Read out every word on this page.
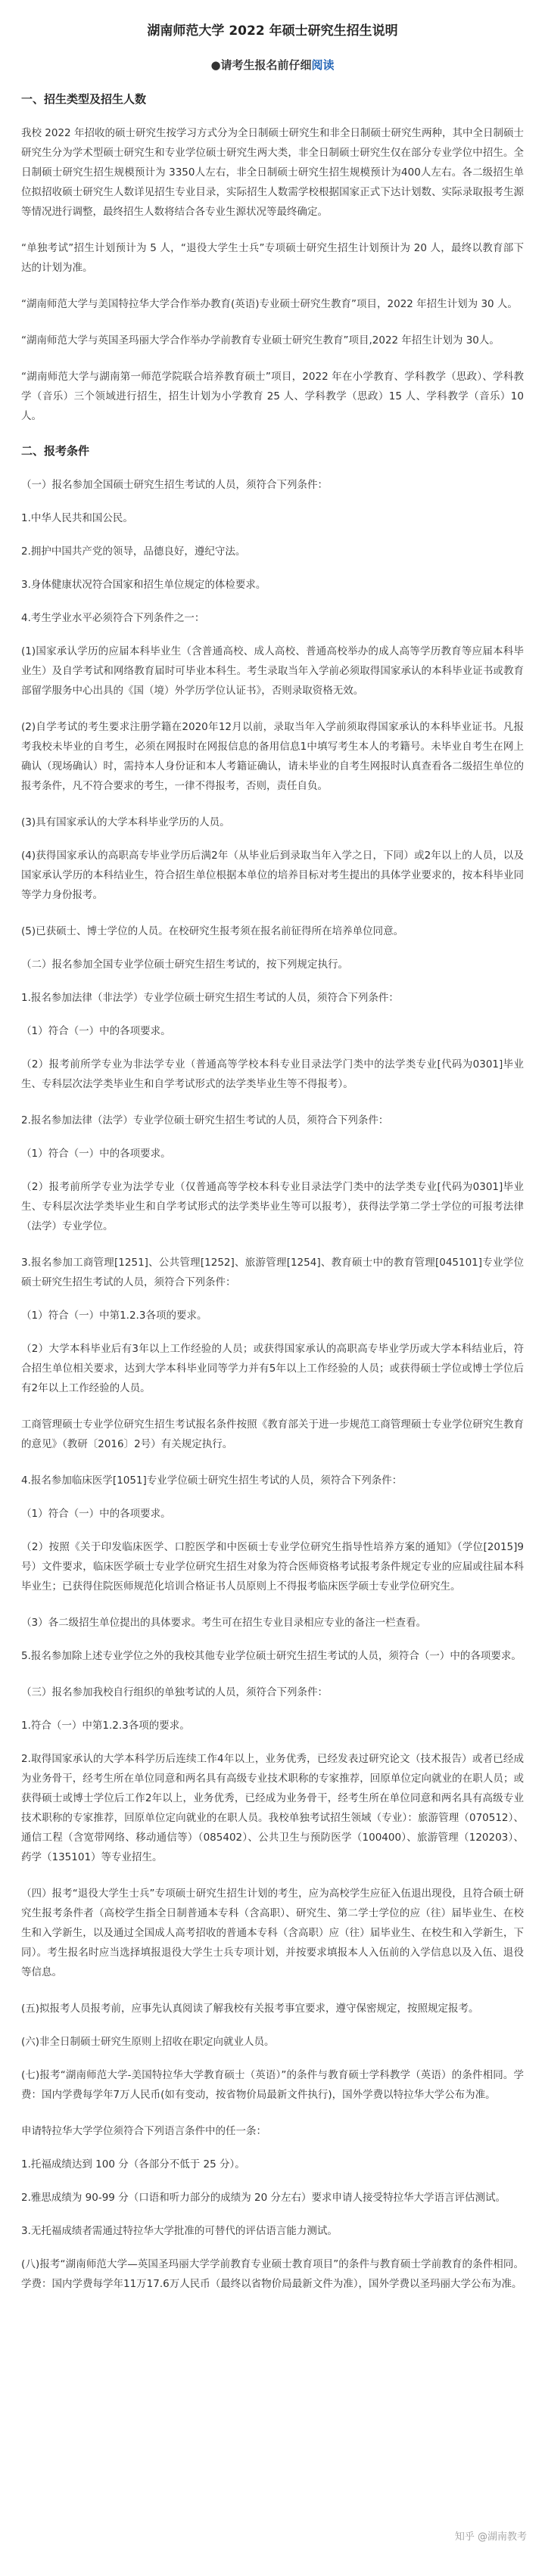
湖南师范大学 2022 年硕士研究生招生说明
●请考生报名前仔细阅读
一、招生类型及招生人数

我校 2022 年招收的硕士研究生按学习方式分为全日制硕士研究生和非全日制硕士研究生两种，其中全日制硕士研究生分为学术型硕士研究生和专业学位硕士研究生两大类，非全日制硕士研究生仅在部分专业学位中招生。全日制硕士研究生招生规模预计为 3350人左右，非全日制硕士研究生招生规模预计为400人左右。各二级招生单位拟招收硕士研究生人数详见招生专业目录，实际招生人数需学校根据国家正式下达计划数、实际录取报考生源等情况进行调整，最终招生人数将结合各专业生源状况等最终确定。

“单独考试”招生计划预计为 5 人，“退役大学生士兵”专项硕士研究生招生计划预计为 20 人，最终以教育部下达的计划为准。

“湖南师范大学与美国特拉华大学合作举办教育(英语)专业硕士研究生教育”项目，2022 年招生计划为 30 人。

“湖南师范大学与英国圣玛丽大学合作举办学前教育专业硕士研究生教育”项目,2022 年招生计划为 30人。

“湖南师范大学与湖南第一师范学院联合培养教育硕士”项目，2022 年在小学教育、学科教学（思政）、学科教学（音乐）三个领域进行招生，招生计划为小学教育 25 人、学科教学（思政）15 人、学科教学（音乐）10 人。

二、报考条件

（一）报名参加全国硕士研究生招生考试的人员，须符合下列条件：

1.中华人民共和国公民。

2.拥护中国共产党的领导，品德良好，遵纪守法。

3.身体健康状况符合国家和招生单位规定的体检要求。

4.考生学业水平必须符合下列条件之一：

(1)国家承认学历的应届本科毕业生（含普通高校、成人高校、普通高校举办的成人高等学历教育等应届本科毕业生）及自学考试和网络教育届时可毕业本科生。考生录取当年入学前必须取得国家承认的本科毕业证书或教育部留学服务中心出具的《国（境）外学历学位认证书》，否则录取资格无效。

(2)自学考试的考生要求注册学籍在2020年12月以前，录取当年入学前须取得国家承认的本科毕业证书。凡报考我校未毕业的自考生，必须在网报时在网报信息的备用信息1中填写考生本人的考籍号。未毕业自考生在网上确认（现场确认）时，需持本人身份证和本人考籍证确认，请未毕业的自考生网报时认真查看各二级招生单位的报考条件，凡不符合要求的考生，一律不得报考，否则，责任自负。

(3)具有国家承认的大学本科毕业学历的人员。

(4)获得国家承认的高职高专毕业学历后满2年（从毕业后到录取当年入学之日，下同）或2年以上的人员，以及国家承认学历的本科结业生，符合招生单位根据本单位的培养目标对考生提出的具体学业要求的，按本科毕业同等学力身份报考。

(5)已获硕士、博士学位的人员。在校研究生报考须在报名前征得所在培养单位同意。

（二）报名参加全国专业学位硕士研究生招生考试的，按下列规定执行。

1.报名参加法律（非法学）专业学位硕士研究生招生考试的人员，须符合下列条件：

（1）符合（一）中的各项要求。

（2）报考前所学专业为非法学专业（普通高等学校本科专业目录法学门类中的法学类专业[代码为0301]毕业生、专科层次法学类毕业生和自学考试形式的法学类毕业生等不得报考）。

2.报名参加法律（法学）专业学位硕士研究生招生考试的人员，须符合下列条件：

（1）符合（一）中的各项要求。

（2）报考前所学专业为法学专业（仅普通高等学校本科专业目录法学门类中的法学类专业[代码为0301]毕业生、专科层次法学类毕业生和自学考试形式的法学类毕业生等可以报考），获得法学第二学士学位的可报考法律（法学）专业学位。

3.报名参加工商管理[1251]、公共管理[1252]、旅游管理[1254]、教育硕士中的教育管理[045101]专业学位硕士研究生招生考试的人员，须符合下列条件：

（1）符合（一）中第1.2.3各项的要求。

（2）大学本科毕业后有3年以上工作经验的人员；或获得国家承认的高职高专毕业学历或大学本科结业后，符合招生单位相关要求，达到大学本科毕业同等学力并有5年以上工作经验的人员；或获得硕士学位或博士学位后有2年以上工作经验的人员。

工商管理硕士专业学位研究生招生考试报名条件按照《教育部关于进一步规范工商管理硕士专业学位研究生教育的意见》（教研〔2016〕2号）有关规定执行。

4.报名参加临床医学[1051]专业学位硕士研究生招生考试的人员，须符合下列条件：

（1）符合（一）中的各项要求。

（2）按照《关于印发临床医学、口腔医学和中医硕士专业学位研究生指导性培养方案的通知》（学位[2015]9号）文件要求，临床医学硕士专业学位研究生招生对象为符合医师资格考试报考条件规定专业的应届或往届本科毕业生；已获得住院医师规范化培训合格证书人员原则上不得报考临床医学硕士专业学位研究生。

（3）各二级招生单位提出的具体要求。考生可在招生专业目录相应专业的备注一栏查看。

5.报名参加除上述专业学位之外的我校其他专业学位硕士研究生招生考试的人员，须符合（一）中的各项要求。

（三）报名参加我校自行组织的单独考试的人员，须符合下列条件：

1.符合（一）中第1.2.3各项的要求。

2.取得国家承认的大学本科学历后连续工作4年以上，业务优秀，已经发表过研究论文（技术报告）或者已经成为业务骨干，经考生所在单位同意和两名具有高级专业技术职称的专家推荐，回原单位定向就业的在职人员；或获得硕士或博士学位后工作2年以上，业务优秀，已经成为业务骨干，经考生所在单位同意和两名具有高级专业技术职称的专家推荐，回原单位定向就业的在职人员。我校单独考试招生领域（专业）：旅游管理（070512）、通信工程（含宽带网络、移动通信等）（085402）、公共卫生与预防医学（100400）、旅游管理（120203）、药学（135101）等专业招生。

（四）报考“退役大学生士兵”专项硕士研究生招生计划的考生，应为高校学生应征入伍退出现役，且符合硕士研究生报考条件者（高校学生指全日制普通本专科（含高职）、研究生、第二学士学位的应（往）届毕业生、在校生和入学新生，以及通过全国成人高考招收的普通本专科（含高职）应（往）届毕业生、在校生和入学新生，下同）。考生报名时应当选择填报退役大学生士兵专项计划，并按要求填报本人入伍前的入学信息以及入伍、退役等信息。

(五)拟报考人员报考前，应事先认真阅读了解我校有关报考事宜要求，遵守保密规定，按照规定报考。

(六)非全日制硕士研究生原则上招收在职定向就业人员。

(七)报考“湖南师范大学-美国特拉华大学教育硕士（英语）”的条件与教育硕士学科教学（英语）的条件相同。学费：国内学费每学年7万人民币(如有变动，按省物价局最新文件执行)，国外学费以特拉华大学公布为准。

申请特拉华大学学位须符合下列语言条件中的任一条：

1.托福成绩达到 100 分（各部分不低于 25 分）。

2.雅思成绩为 90-99 分（口语和听力部分的成绩为 20 分左右）要求申请人接受特拉华大学语言评估测试。

3.无托福成绩者需通过特拉华大学批准的可替代的评估语言能力测试。

(八)报考“湖南师范大学—英国圣玛丽大学学前教育专业硕士教育项目”的条件与教育硕士学前教育的条件相同。学费：国内学费每学年11万17.6万人民币（最终以省物价局最新文件为准），国外学费以圣玛丽大学公布为准。

知乎 @湖南教考
